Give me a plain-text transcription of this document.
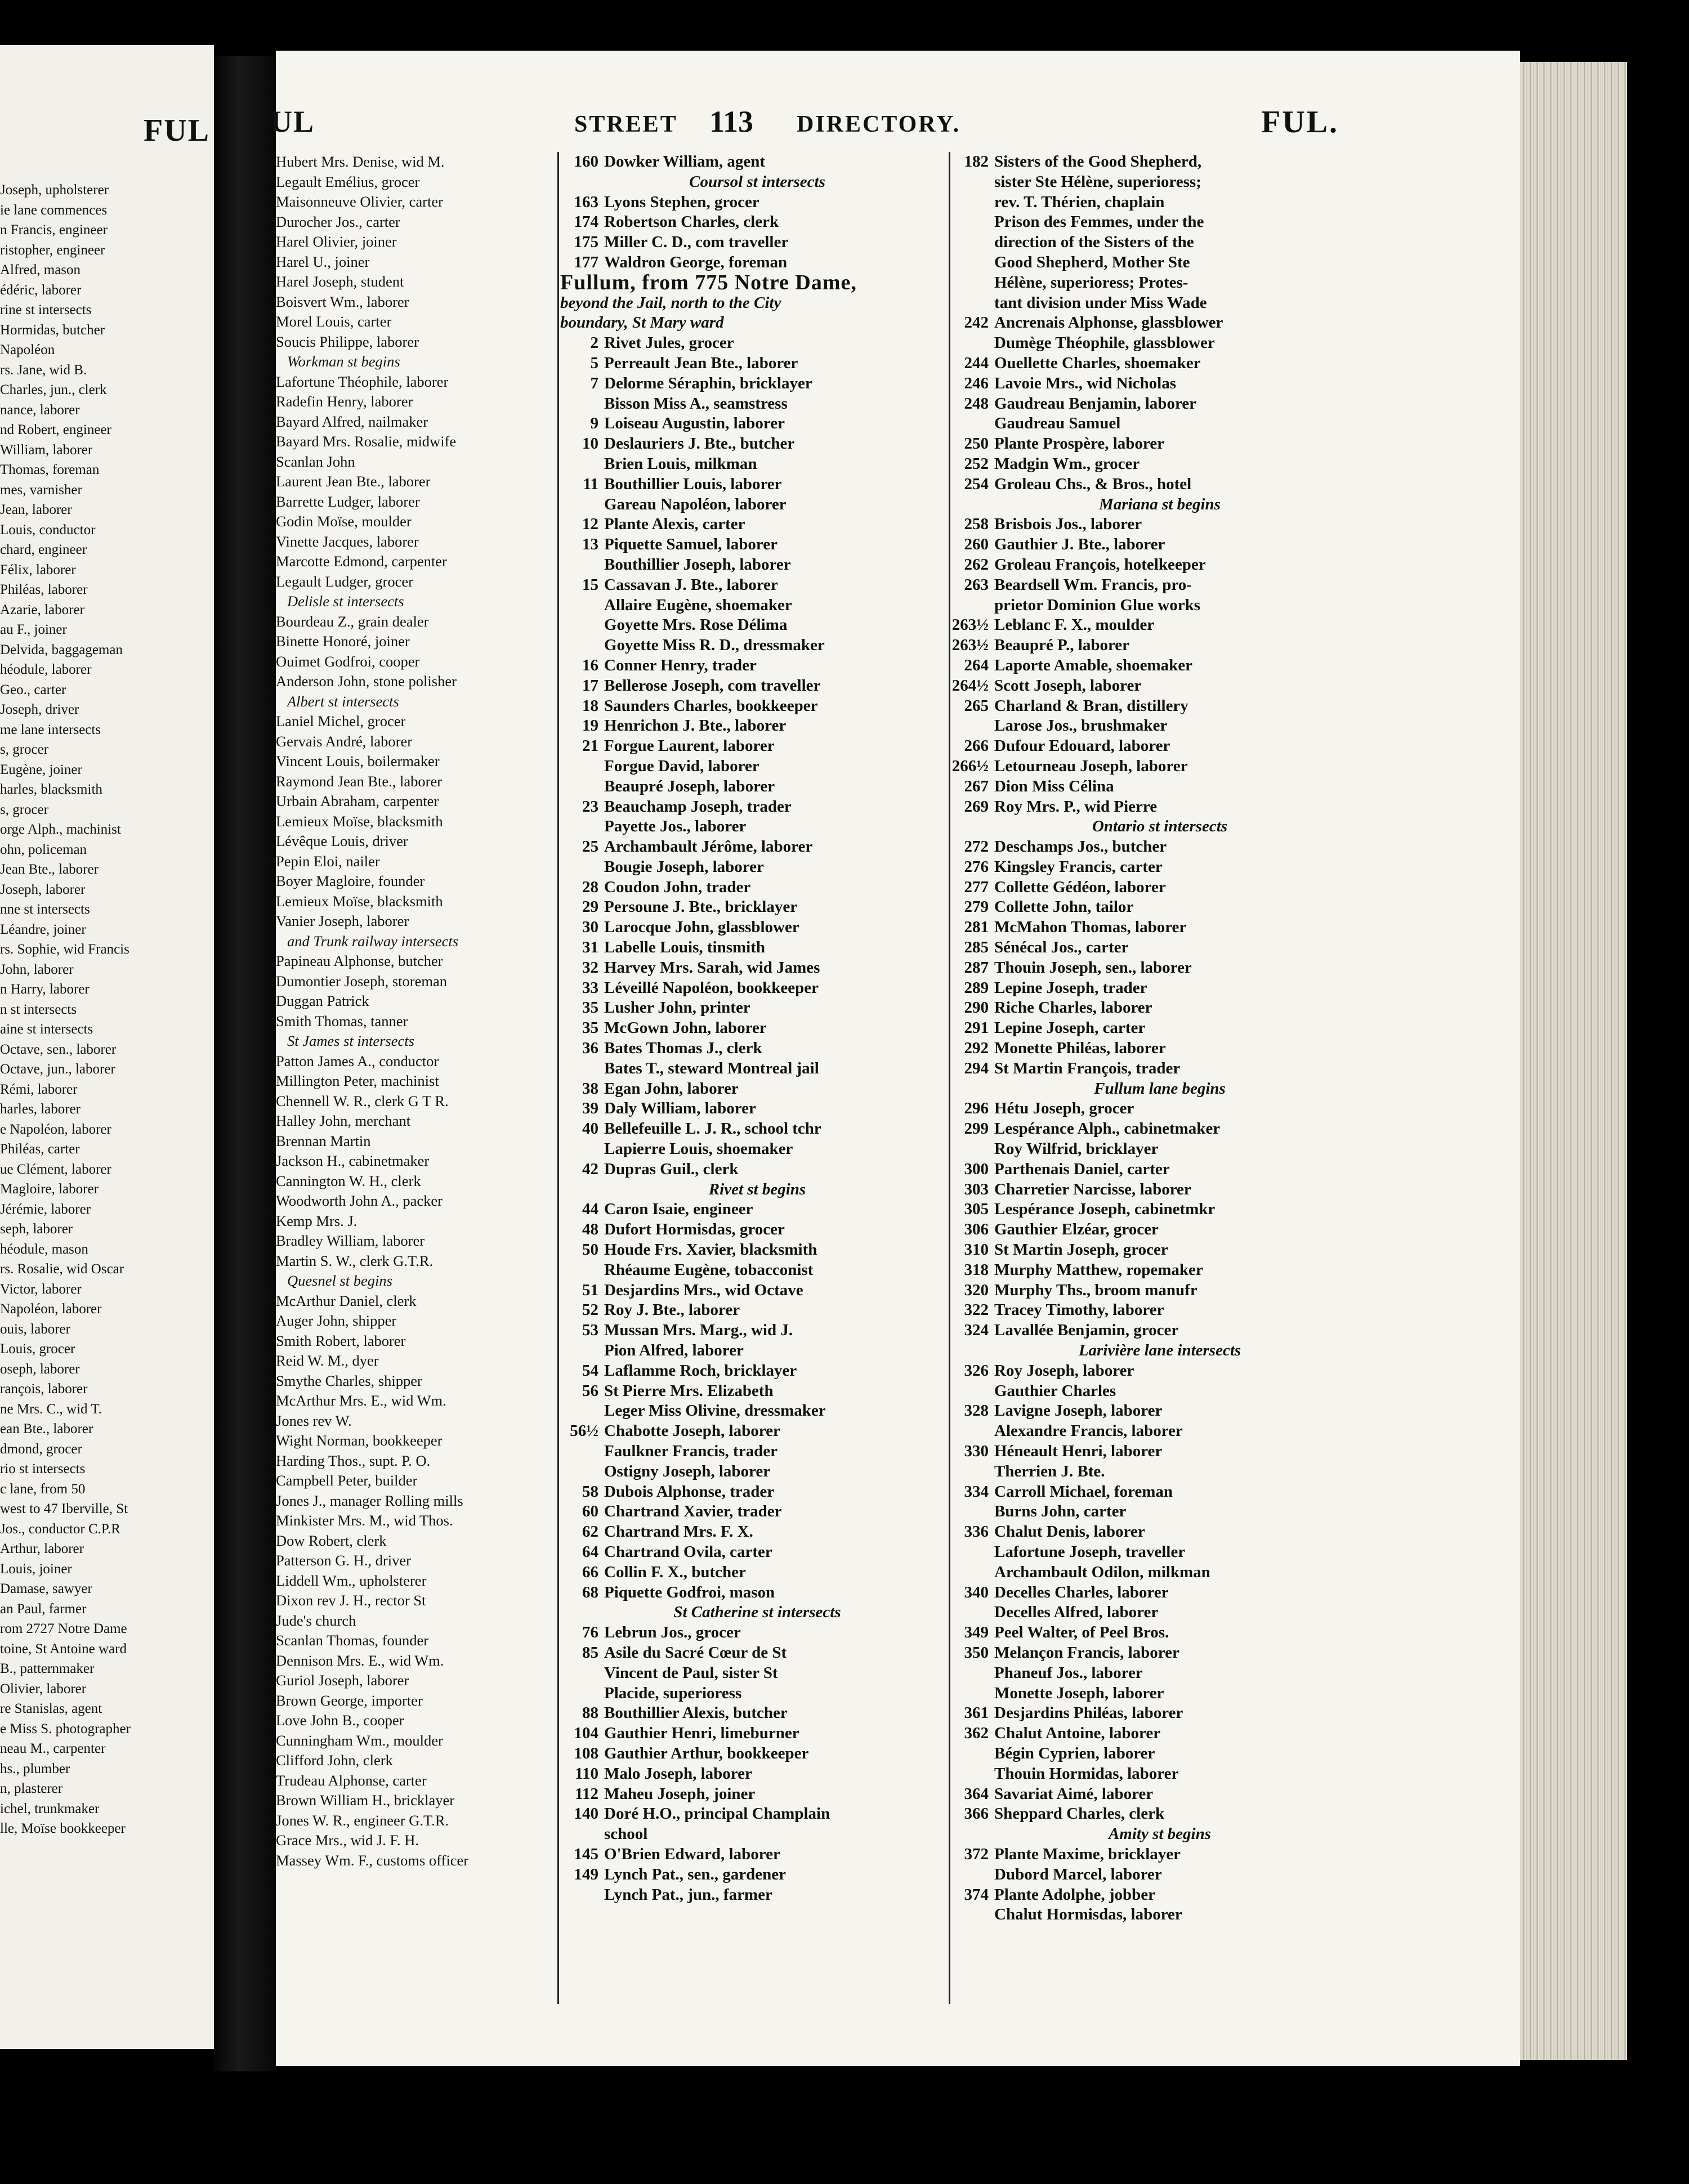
FUL
Joseph, upholsterer
ie lane commences
n Francis, engineer
ristopher, engineer
Alfred, mason
édéric, laborer
rine st intersects
Hormidas, butcher
Napoléon
rs. Jane, wid B.
Charles, jun., clerk
nance, laborer
nd Robert, engineer
William, laborer
Thomas, foreman
mes, varnisher
Jean, laborer
Louis, conductor
chard, engineer
Félix, laborer
Philéas, laborer
Azarie, laborer
au F., joiner
Delvida, baggageman
héodule, laborer
Geo., carter
Joseph, driver
me lane intersects
s, grocer
Eugène, joiner
harles, blacksmith
s, grocer
orge Alph., machinist
ohn, policeman
Jean Bte., laborer
Joseph, laborer
nne st intersects
Léandre, joiner
rs. Sophie, wid Francis
John, laborer
n Harry, laborer
n st intersects
aine st intersects
Octave, sen., laborer
Octave, jun., laborer
Rémi, laborer
harles, laborer
e Napoléon, laborer
Philéas, carter
ue Clément, laborer
Magloire, laborer
Jérémie, laborer
seph, laborer
héodule, mason
rs. Rosalie, wid Oscar
Victor, laborer
Napoléon, laborer
ouis, laborer
Louis, grocer
oseph, laborer
rançois, laborer
ne Mrs. C., wid T.
ean Bte., laborer
dmond, grocer
rio st intersects
c lane, from 50
west to 47 Iberville, St
Jos., conductor C.P.R
Arthur, laborer
Louis, joiner
Damase, sawyer
an Paul, farmer
rom 2727 Notre Dame
toine, St Antoine ward
B., patternmaker
Olivier, laborer
re Stanislas, agent
e Miss S. photographer
neau M., carpenter
hs., plumber
n, plasterer
ichel, trunkmaker
lle, Moïse bookkeeper
UL	STREET 113 DIRECTORY.	FUL.
Hubert Mrs. Denise, wid M.
Legault Emélius, grocer
Maisonneuve Olivier, carter
Durocher Jos., carter
Harel Olivier, joiner
Harel U., joiner
Harel Joseph, student
Boisvert Wm., laborer
Morel Louis, carter
Soucis Philippe, laborer
Workman st begins
Lafortune Théophile, laborer
Radefin Henry, laborer
Bayard Alfred, nailmaker
Bayard Mrs. Rosalie, midwife
Scanlan John
Laurent Jean Bte., laborer
Barrette Ludger, laborer
Godin Moïse, moulder
Vinette Jacques, laborer
Marcotte Edmond, carpenter
Legault Ludger, grocer
Delisle st intersects
Bourdeau Z., grain dealer
Binette Honoré, joiner
Ouimet Godfroi, cooper
Anderson John, stone polisher
Albert st intersects
Laniel Michel, grocer
Gervais André, laborer
Vincent Louis, boilermaker
Raymond Jean Bte., laborer
Urbain Abraham, carpenter
Lemieux Moïse, blacksmith
Lévêque Louis, driver
Pepin Eloi, nailer
Boyer Magloire, founder
Lemieux Moïse, blacksmith
Vanier Joseph, laborer
and Trunk railway intersects
Papineau Alphonse, butcher
Dumontier Joseph, storeman
Duggan Patrick
Smith Thomas, tanner
St James st intersects
Patton James A., conductor
Millington Peter, machinist
Chennell W. R., clerk G T R.
Halley John, merchant
Brennan Martin
Jackson H., cabinetmaker
Cannington W. H., clerk
Woodworth John A., packer
Kemp Mrs. J.
Bradley William, laborer
Martin S. W., clerk G.T.R.
Quesnel st begins
McArthur Daniel, clerk
Auger John, shipper
Smith Robert, laborer
Reid W. M., dyer
Smythe Charles, shipper
McArthur Mrs. E., wid Wm.
Jones rev W.
Wight Norman, bookkeeper
Harding Thos., supt. P. O.
Campbell Peter, builder
Jones J., manager Rolling mills
Minkister Mrs. M., wid Thos.
Dow Robert, clerk
Patterson G. H., driver
Liddell Wm., upholsterer
Dixon rev J. H., rector St
Jude's church
Scanlan Thomas, founder
Dennison Mrs. E., wid Wm.
Guriol Joseph, laborer
Brown George, importer
Love John B., cooper
Cunningham Wm., moulder
Clifford John, clerk
Trudeau Alphonse, carter
Brown William H., bricklayer
Jones W. R., engineer G.T.R.
Grace Mrs., wid J. F. H.
Massey Wm. F., customs officer
160 Dowker William, agent
Coursol st intersects
163 Lyons Stephen, grocer
174 Robertson Charles, clerk
175 Miller C. D., com traveller
177 Waldron George, foreman
Fullum, from 775 Notre Dame,
beyond the Jail, north to the City
boundary, St Mary ward
2 Rivet Jules, grocer
5 Perreault Jean Bte., laborer
7 Delorme Séraphin, bricklayer
Bisson Miss A., seamstress
9 Loiseau Augustin, laborer
10 Deslauriers J. Bte., butcher
Brien Louis, milkman
11 Bouthillier Louis, laborer
Gareau Napoléon, laborer
12 Plante Alexis, carter
13 Piquette Samuel, laborer
Bouthillier Joseph, laborer
15 Cassavan J. Bte., laborer
Allaire Eugène, shoemaker
Goyette Mrs. Rose Délima
Goyette Miss R. D., dressmaker
16 Conner Henry, trader
17 Bellerose Joseph, com traveller
18 Saunders Charles, bookkeeper
19 Henrichon J. Bte., laborer
21 Forgue Laurent, laborer
Forgue David, laborer
Beaupré Joseph, laborer
23 Beauchamp Joseph, trader
Payette Jos., laborer
25 Archambault Jérôme, laborer
Bougie Joseph, laborer
28 Coudon John, trader
29 Persoune J. Bte., bricklayer
30 Larocque John, glassblower
31 Labelle Louis, tinsmith
32 Harvey Mrs. Sarah, wid James
33 Léveillé Napoléon, bookkeeper
35 Lusher John, printer
35 McGown John, laborer
36 Bates Thomas J., clerk
Bates T., steward Montreal jail
38 Egan John, laborer
39 Daly William, laborer
40 Bellefeuille L. J. R., school tchr
Lapierre Louis, shoemaker
42 Dupras Guil., clerk
Rivet st begins
44 Caron Isaie, engineer
48 Dufort Hormisdas, grocer
50 Houde Frs. Xavier, blacksmith
Rhéaume Eugène, tobacconist
51 Desjardins Mrs., wid Octave
52 Roy J. Bte., laborer
53 Mussan Mrs. Marg., wid J.
Pion Alfred, laborer
54 Laflamme Roch, bricklayer
56 St Pierre Mrs. Elizabeth
Leger Miss Olivine, dressmaker
56½ Chabotte Joseph, laborer
Faulkner Francis, trader
Ostigny Joseph, laborer
58 Dubois Alphonse, trader
60 Chartrand Xavier, trader
62 Chartrand Mrs. F. X.
64 Chartrand Ovila, carter
66 Collin F. X., butcher
68 Piquette Godfroi, mason
St Catherine st intersects
76 Lebrun Jos., grocer
85 Asile du Sacré Cœur de St
Vincent de Paul, sister St
Placide, superioress
88 Bouthillier Alexis, butcher
104 Gauthier Henri, limeburner
108 Gauthier Arthur, bookkeeper
110 Malo Joseph, laborer
112 Maheu Joseph, joiner
140 Doré H.O., principal Champlain
school
145 O'Brien Edward, laborer
149 Lynch Pat., sen., gardener
Lynch Pat., jun., farmer
182 Sisters of the Good Shepherd,
sister Ste Hélène, superioress;
rev. T. Thérien, chaplain
Prison des Femmes, under the
direction of the Sisters of the
Good Shepherd, Mother Ste
Hélène, superioress; Protes-
tant division under Miss Wade
242 Ancrenais Alphonse, glassblower
Dumège Théophile, glassblower
244 Ouellette Charles, shoemaker
246 Lavoie Mrs., wid Nicholas
248 Gaudreau Benjamin, laborer
Gaudreau Samuel
250 Plante Prospère, laborer
252 Madgin Wm., grocer
254 Groleau Chs., & Bros., hotel
Mariana st begins
258 Brisbois Jos., laborer
260 Gauthier J. Bte., laborer
262 Groleau François, hotelkeeper
263 Beardsell Wm. Francis, pro-
prietor Dominion Glue works
263½ Leblanc F. X., moulder
263½ Beaupré P., laborer
264 Laporte Amable, shoemaker
264½ Scott Joseph, laborer
265 Charland & Bran, distillery
Larose Jos., brushmaker
266 Dufour Edouard, laborer
266½ Letourneau Joseph, laborer
267 Dion Miss Célina
269 Roy Mrs. P., wid Pierre
Ontario st intersects
272 Deschamps Jos., butcher
276 Kingsley Francis, carter
277 Collette Gédéon, laborer
279 Collette John, tailor
281 McMahon Thomas, laborer
285 Sénécal Jos., carter
287 Thouin Joseph, sen., laborer
289 Lepine Joseph, trader
290 Riche Charles, laborer
291 Lepine Joseph, carter
292 Monette Philéas, laborer
294 St Martin François, trader
Fullum lane begins
296 Hétu Joseph, grocer
299 Lespérance Alph., cabinetmaker
Roy Wilfrid, bricklayer
300 Parthenais Daniel, carter
303 Charretier Narcisse, laborer
305 Lespérance Joseph, cabinetmkr
306 Gauthier Elzéar, grocer
310 St Martin Joseph, grocer
318 Murphy Matthew, ropemaker
320 Murphy Ths., broom manufr
322 Tracey Timothy, laborer
324 Lavallée Benjamin, grocer
Larivière lane intersects
326 Roy Joseph, laborer
Gauthier Charles
328 Lavigne Joseph, laborer
Alexandre Francis, laborer
330 Héneault Henri, laborer
Therrien J. Bte.
334 Carroll Michael, foreman
Burns John, carter
336 Chalut Denis, laborer
Lafortune Joseph, traveller
Archambault Odilon, milkman
340 Decelles Charles, laborer
Decelles Alfred, laborer
349 Peel Walter, of Peel Bros.
350 Melançon Francis, laborer
Phaneuf Jos., laborer
Monette Joseph, laborer
361 Desjardins Philéas, laborer
362 Chalut Antoine, laborer
Bégin Cyprien, laborer
Thouin Hormidas, laborer
364 Savariat Aimé, laborer
366 Sheppard Charles, clerk
Amity st begins
372 Plante Maxime, bricklayer
Dubord Marcel, laborer
374 Plante Adolphe, jobber
Chalut Hormisdas, laborer
